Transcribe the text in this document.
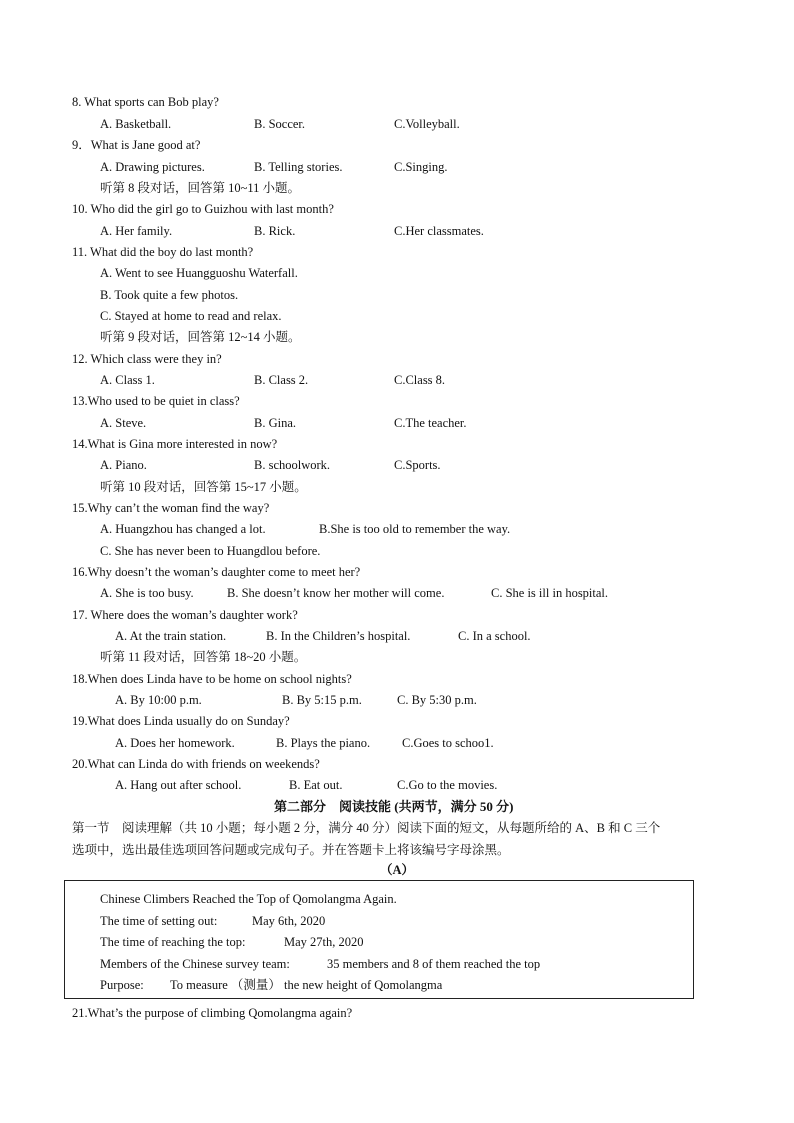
8. What sports can Bob play?
A. Basketball.	B. Soccer.	C.Volleyball.
9．What is Jane good at?
A. Drawing pictures.	B. Telling stories.	C.Singing.
听第 8 段对话，回答第 10~11 小题。
10. Who did the girl go to Guizhou with last month?
A. Her family.	B. Rick.	C.Her classmates.
11. What did the boy do last month?
A. Went to see Huangguoshu Waterfall.
B. Took quite a few photos.
C. Stayed at home to read and relax.
听第 9 段对话，回答第 12~14 小题。
12. Which class were they in?
A. Class 1.	B. Class 2.	C.Class 8.
13.Who used to be quiet in class?
A. Steve.	B. Gina.	C.The teacher.
14.What is Gina more interested in now?
A. Piano.	B. schoolwork.	C.Sports.
听第 10 段对话，回答第 15~17 小题。
15.Why can’t the woman find the way?
A. Huangzhou has changed a lot.	B.She is too old to remember the way.
C. She has never been to Huangdlou before.
16.Why doesn’t the woman’s daughter come to meet her?
A. She is too busy.	B. She doesn’t know her mother will come.	C. She is ill in hospital.
17. Where does the woman’s daughter work?
A. At the train station.	B. In the Children’s hospital.	C. In a school.
听第 11 段对话，回答第 18~20 小题。
18.When does Linda have to be home on school nights?
A. By 10:00 p.m.	B. By 5:15 p.m.	C. By 5:30 p.m.
19.What does Linda usually do on Sunday?
A. Does her homework.	B. Plays the piano.	C.Goes to schoo1.
20.What can Linda do with friends on weekends?
A. Hang out after school.	B. Eat out.	C.Go to the movies.
第二部分　阅读技能 (共两节，满分 50 分)
第一节　阅读理解（共 10 小题；每小题 2 分，满分 40 分）阅读下面的短文，从每题所给的 A、B 和 C 三个
选项中，选出最佳选项回答问题或完成句子。并在答题卡上将该编号字母涂黑。
（A）
Chinese Climbers Reached the Top of Qomolangma Again.
The time of setting out:	May 6th, 2020
The time of reaching the top:	May 27th, 2020
Members of the Chinese survey team:	35 members and 8 of them reached the top
Purpose: To measure （测量） the new height of Qomolangma
21.What’s the purpose of climbing Qomolangma again?
